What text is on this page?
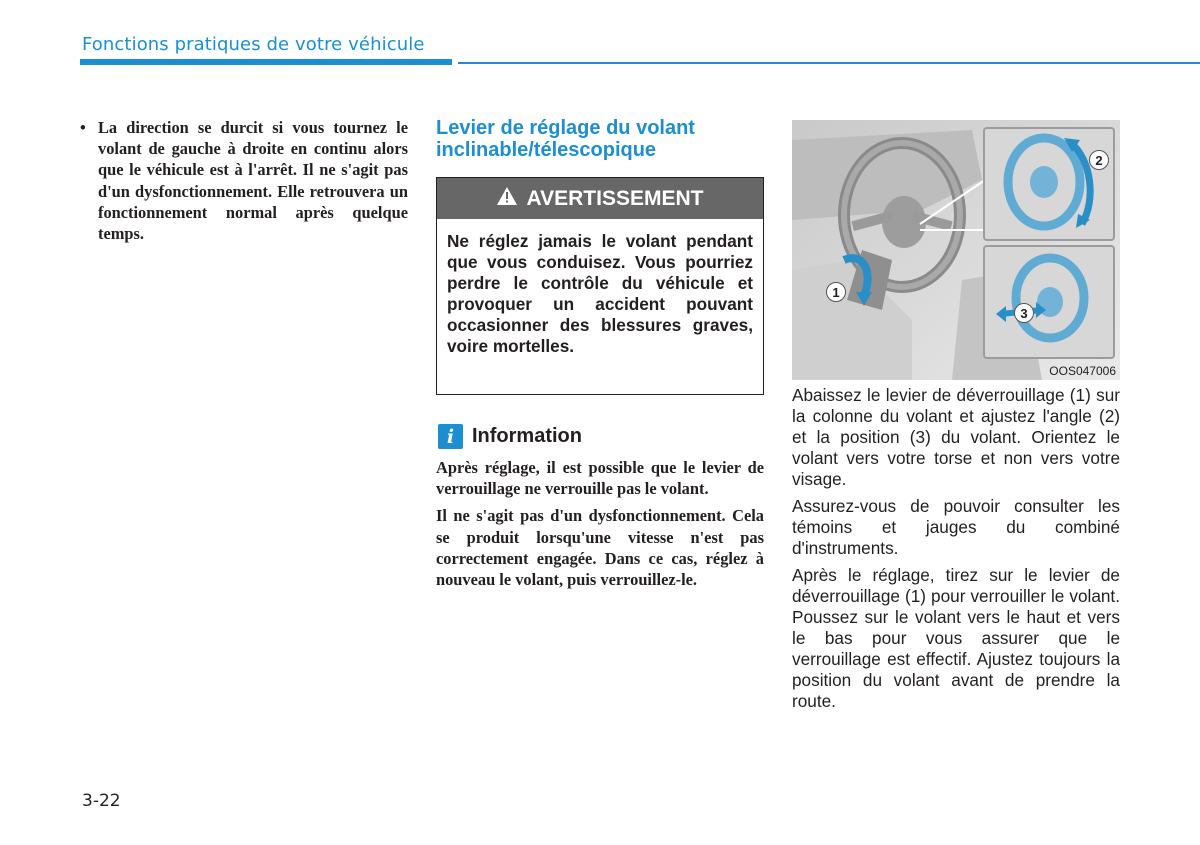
Fonctions pratiques de votre véhicule
• La direction se durcit si vous tournez le volant de gauche à droite en continu alors que le véhicule est à l'arrêt. Il ne s'agit pas d'un dysfonctionnement. Elle retrouvera un fonctionnement normal après quelque temps.
Levier de réglage du volant
inclinable/télescopique
AVERTISSEMENT
Ne réglez jamais le volant pendant que vous conduisez. Vous pourriez perdre le contrôle du véhicule et provoquer un accident pouvant occasionner des blessures graves, voire mortelles.
i Information

Après réglage, il est possible que le levier de verrouillage ne verrouille pas le volant.

Il ne s'agit pas d'un dysfonctionnement. Cela se produit lorsqu'une vitesse n'est pas correctement engagée. Dans ce cas, réglez à nouveau le volant, puis verrouillez-le.

1
2
3
OOS047006

Abaissez le levier de déverrouillage (1) sur la colonne du volant et ajustez l'angle (2) et la position (3) du volant. Orientez le volant vers votre torse et non vers votre visage.

Assurez-vous de pouvoir consulter les témoins et jauges du combiné d'instruments.

Après le réglage, tirez sur le levier de déverrouillage (1) pour verrouiller le volant. Poussez sur le volant vers le haut et vers le bas pour vous assurer que le verrouillage est effectif. Ajustez toujours la position du volant avant de prendre la route.

3-22
